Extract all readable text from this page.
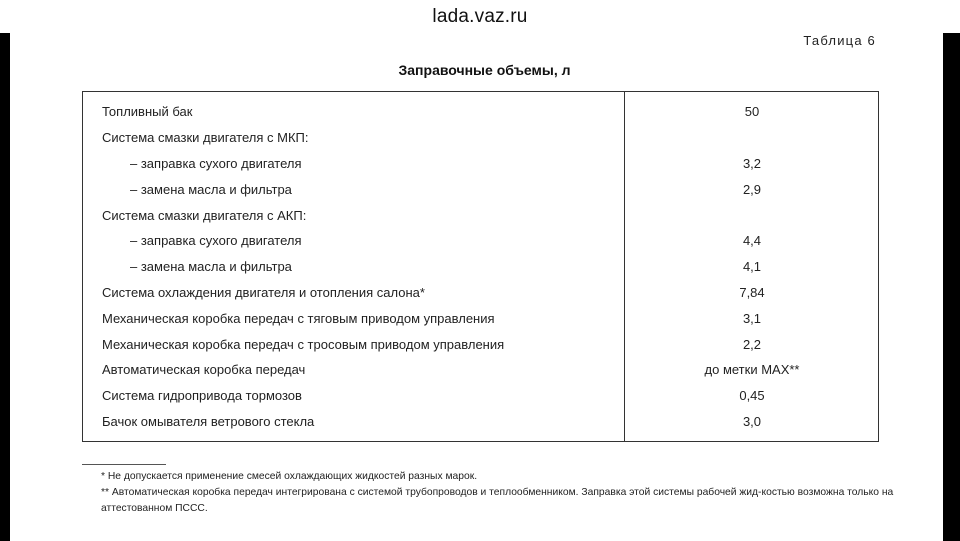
lada.vaz.ru
Таблица 6
Заправочные объемы, л
Топливный бак	50
Система смазки двигателя с МКП:
– заправка сухого двигателя	3,2
– замена масла и фильтра	2,9
Система смазки двигателя с АКП:
– заправка сухого двигателя	4,4
– замена масла и фильтра	4,1
Система охлаждения двигателя и отопления салона*	7,84
Механическая коробка передач с тяговым приводом управления	3,1
Механическая коробка передач с тросовым приводом управления	2,2
Автоматическая коробка передач	до метки MAX**
Система гидропривода тормозов	0,45
Бачок омывателя ветрового стекла	3,0
* Не допускается применение смесей охлаждающих жидкостей разных марок.
** Автоматическая коробка передач интегрирована с системой трубопроводов и теплообменником. Заправка этой системы рабочей жид-костью возможна только на аттестованном ПССС.
